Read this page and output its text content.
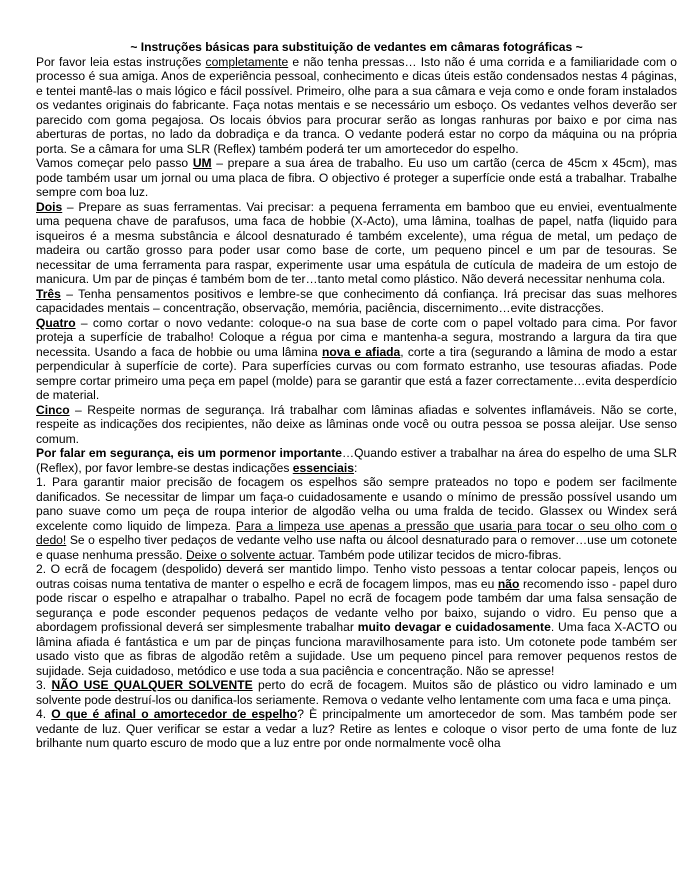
~ Instruções básicas para substituição de vedantes em câmaras fotográficas ~

Por favor leia estas instruções completamente e não tenha pressas… Isto não é uma corrida e a familiaridade com o processo é sua amiga. Anos de experiência pessoal, conhecimento e dicas úteis estão condensados nestas 4 páginas, e tentei mantê-las o mais lógico e fácil possível. Primeiro, olhe para a sua câmara e veja como e onde foram instalados os vedantes originais do fabricante. Faça notas mentais e se necessário um esboço. Os vedantes velhos deverão ser parecido com goma pegajosa. Os locais óbvios para procurar serão as longas ranhuras por baixo e por cima nas aberturas de portas, no lado da dobradiça e da tranca. O vedante poderá estar no corpo da máquina ou na própria porta. Se a câmara for uma SLR (Reflex) também poderá ter um amortecedor do espelho.

Vamos começar pelo passo UM – prepare a sua área de trabalho. Eu uso um cartão (cerca de 45cm x 45cm), mas pode também usar um jornal ou uma placa de fibra. O objectivo é proteger a superfície onde está a trabalhar. Trabalhe sempre com boa luz.

Dois – Prepare as suas ferramentas. Vai precisar: a pequena ferramenta em bamboo que eu enviei, eventualmente uma pequena chave de parafusos, uma faca de hobbie (X-Acto), uma lâmina, toalhas de papel, natfa (liquido para isqueiros é a mesma substância e álcool desnaturado é também excelente), uma régua de metal, um pedaço de madeira ou cartão grosso para poder usar como base de corte, um pequeno pincel e um par de tesouras. Se necessitar de uma ferramenta para raspar, experimente usar uma espátula de cutícula de madeira de um estojo de manicura. Um par de pinças é também bom de ter…tanto metal como plástico. Não deverá necessitar nenhuma cola.

Três – Tenha pensamentos positivos e lembre-se que conhecimento dá confiança. Irá precisar das suas melhores capacidades mentais – concentração, observação, memória, paciência, discernimento…evite distracções.

Quatro – como cortar o novo vedante: coloque-o na sua base de corte com o papel voltado para cima. Por favor proteja a superfície de trabalho! Coloque a régua por cima e mantenha-a segura, mostrando a largura da tira que necessita. Usando a faca de hobbie ou uma lâmina nova e afiada, corte a tira (segurando a lâmina de modo a estar perpendicular à superfície de corte). Para superfícies curvas ou com formato estranho, use tesouras afiadas. Pode sempre cortar primeiro uma peça em papel (molde) para se garantir que está a fazer correctamente…evita desperdício de material.

Cinco – Respeite normas de segurança. Irá trabalhar com lâminas afiadas e solventes inflamáveis. Não se corte, respeite as indicações dos recipientes, não deixe as lâminas onde você ou outra pessoa se possa aleijar. Use senso comum.

Por falar em segurança, eis um pormenor importante…Quando estiver a trabalhar na área do espelho de uma SLR (Reflex), por favor lembre-se destas indicações essenciais:

1. Para garantir maior precisão de focagem os espelhos são sempre prateados no topo e podem ser facilmente danificados. Se necessitar de limpar um faça-o cuidadosamente e usando o mínimo de pressão possível usando um pano suave como um peça de roupa interior de algodão velha ou uma fralda de tecido. Glassex ou Windex será excelente como liquido de limpeza. Para a limpeza use apenas a pressão que usaria para tocar o seu olho com o dedo! Se o espelho tiver pedaços de vedante velho use nafta ou álcool desnaturado para o remover…use um cotonete e quase nenhuma pressão. Deixe o solvente actuar. Também pode utilizar tecidos de micro-fibras.

2. O ecrã de focagem (despolido) deverá ser mantido limpo. Tenho visto pessoas a tentar colocar papeis, lenços ou outras coisas numa tentativa de manter o espelho e ecrã de focagem limpos, mas eu não recomendo isso - papel duro pode riscar o espelho e atrapalhar o trabalho. Papel no ecrã de focagem pode também dar uma falsa sensação de segurança e pode esconder pequenos pedaços de vedante velho por baixo, sujando o vidro. Eu penso que a abordagem profissional deverá ser simplesmente trabalhar muito devagar e cuidadosamente. Uma faca X-ACTO ou lâmina afiada é fantástica e um par de pinças funciona maravilhosamente para isto. Um cotonete pode também ser usado visto que as fibras de algodão retêm a sujidade. Use um pequeno pincel para remover pequenos restos de sujidade. Seja cuidadoso, metódico e use toda a sua paciência e concentração. Não se apresse!

3. NÃO USE QUALQUER SOLVENTE perto do ecrã de focagem. Muitos são de plástico ou vidro laminado e um solvente pode destruí-los ou danifica-los seriamente. Remova o vedante velho lentamente com uma faca e uma pinça.

4. O que é afinal o amortecedor de espelho? È principalmente um amortecedor de som. Mas também pode ser vedante de luz. Quer verificar se estar a vedar a luz? Retire as lentes e coloque o visor perto de uma fonte de luz brilhante num quarto escuro de modo que a luz entre por onde normalmente você olha
